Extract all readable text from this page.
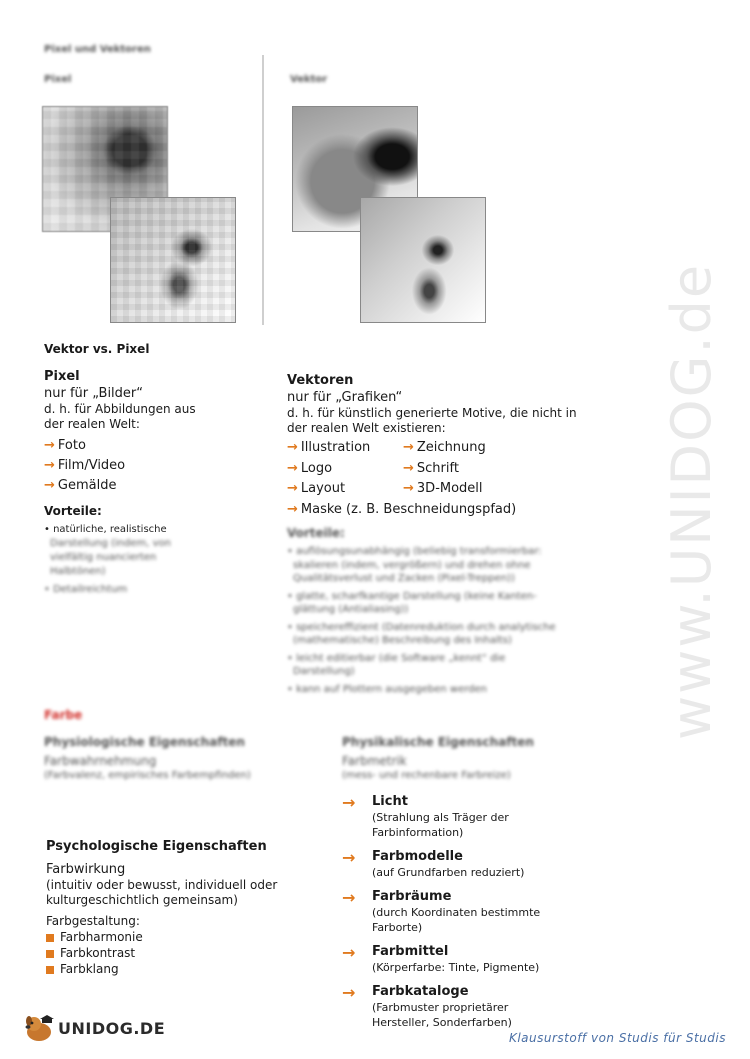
www.UNIDOG.de
Pixel und Vektoren
Pixel	Vektor
Vektor vs. Pixel
Pixel
nur für „Bilder“
d. h. für Abbildungen aus
der realen Welt:
→ Foto
→ Film/Video
→ Gemälde
Vorteile:
• natürliche, realistische
Darstellung (indem, von
vielfältig nuancierten
Halbtönen)
• Detailreichtum
Vektoren
nur für „Grafiken“
d. h. für künstlich generierte Motive, die nicht in
der realen Welt existieren:
→ Illustration
→ Logo
→ Layout
→ Zeichnung
→ Schrift
→ 3D-Modell
→ Maske (z. B. Beschneidungspfad)
Vorteile:
• auflösungsunabhängig (beliebig transformierbar:
skalieren (indem, vergrößern) und drehen ohne
Qualitätsverlust und Zacken (Pixel-Treppen))
• glatte, scharfkantige Darstellung (keine Kanten-
glättung (Antialiasing))
• speichereffizient (Datenreduktion durch analytische
(mathematische) Beschreibung des Inhalts)
• leicht editierbar (die Software „kennt“ die
Darstellung)
• kann auf Plottern ausgegeben werden
Farbe
Physiologische Eigenschaften
Farbwahrnehmung
(Farbvalenz, empirisches Farbempfinden)
Physikalische Eigenschaften
Farbmetrik
(mess- und rechenbare Farbreize)
→	Licht
(Strahlung als Träger der
Farbinformation)
→	Farbmodelle
(auf Grundfarben reduziert)
→	Farbräume
(durch Koordinaten bestimmte
Farborte)
→	Farbmittel
(Körperfarbe: Tinte, Pigmente)
→	Farbkataloge
(Farbmuster proprietärer
Hersteller, Sonderfarben)
Psychologische Eigenschaften
Farbwirkung
(intuitiv oder bewusst, individuell oder
kulturgeschichtlich gemeinsam)
Farbgestaltung:
Farbharmonie
Farbkontrast
Farbklang
UNIDOG.DE
Klausurstoff von Studis für Studis
